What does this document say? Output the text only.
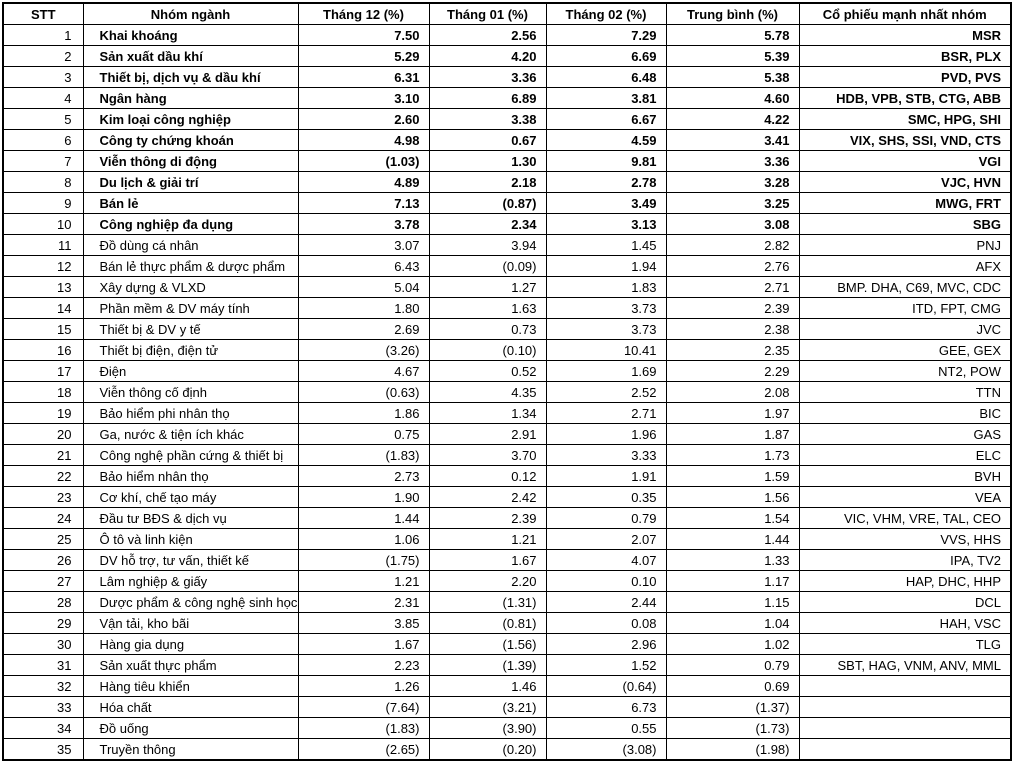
STT	Nhóm ngành	Tháng 12 (%)	Tháng 01 (%)	Tháng 02 (%)	Trung bình (%)	Cổ phiếu mạnh nhất nhóm
1	Khai khoáng	7.50	2.56	7.29	5.78	MSR
2	Sản xuất dầu khí	5.29	4.20	6.69	5.39	BSR, PLX
3	Thiết bị, dịch vụ & dầu khí	6.31	3.36	6.48	5.38	PVD, PVS
4	Ngân hàng	3.10	6.89	3.81	4.60	HDB, VPB, STB, CTG, ABB
5	Kim loại công nghiệp	2.60	3.38	6.67	4.22	SMC, HPG, SHI
6	Công ty chứng khoán	4.98	0.67	4.59	3.41	VIX, SHS, SSI, VND, CTS
7	Viễn thông di động	(1.03)	1.30	9.81	3.36	VGI
8	Du lịch & giải trí	4.89	2.18	2.78	3.28	VJC, HVN
9	Bán lẻ	7.13	(0.87)	3.49	3.25	MWG, FRT
10	Công nghiệp đa dụng	3.78	2.34	3.13	3.08	SBG
11	Đồ dùng cá nhân	3.07	3.94	1.45	2.82	PNJ
12	Bán lẻ thực phẩm & dược phẩm	6.43	(0.09)	1.94	2.76	AFX
13	Xây dựng & VLXD	5.04	1.27	1.83	2.71	BMP. DHA, C69, MVC, CDC
14	Phần mềm & DV máy tính	1.80	1.63	3.73	2.39	ITD, FPT, CMG
15	Thiết bị & DV y tế	2.69	0.73	3.73	2.38	JVC
16	Thiết bị điện, điện tử	(3.26)	(0.10)	10.41	2.35	GEE, GEX
17	Điện	4.67	0.52	1.69	2.29	NT2, POW
18	Viễn thông cố định	(0.63)	4.35	2.52	2.08	TTN
19	Bảo hiểm phi nhân thọ	1.86	1.34	2.71	1.97	BIC
20	Ga, nước & tiện ích khác	0.75	2.91	1.96	1.87	GAS
21	Công nghệ phần cứng & thiết bị	(1.83)	3.70	3.33	1.73	ELC
22	Bảo hiểm nhân thọ	2.73	0.12	1.91	1.59	BVH
23	Cơ khí, chế tạo máy	1.90	2.42	0.35	1.56	VEA
24	Đầu tư BĐS & dịch vụ	1.44	2.39	0.79	1.54	VIC, VHM, VRE, TAL, CEO
25	Ô tô và linh kiện	1.06	1.21	2.07	1.44	VVS, HHS
26	DV hỗ trợ, tư vấn, thiết kế	(1.75)	1.67	4.07	1.33	IPA, TV2
27	Lâm nghiệp & giấy	1.21	2.20	0.10	1.17	HAP, DHC, HHP
28	Dược phẩm & công nghệ sinh học	2.31	(1.31)	2.44	1.15	DCL
29	Vận tải, kho bãi	3.85	(0.81)	0.08	1.04	HAH, VSC
30	Hàng gia dụng	1.67	(1.56)	2.96	1.02	TLG
31	Sản xuất thực phẩm	2.23	(1.39)	1.52	0.79	SBT, HAG, VNM, ANV, MML
32	Hàng tiêu khiển	1.26	1.46	(0.64)	0.69	
33	Hóa chất	(7.64)	(3.21)	6.73	(1.37)	
34	Đồ uống	(1.83)	(3.90)	0.55	(1.73)	
35	Truyền thông	(2.65)	(0.20)	(3.08)	(1.98)	
